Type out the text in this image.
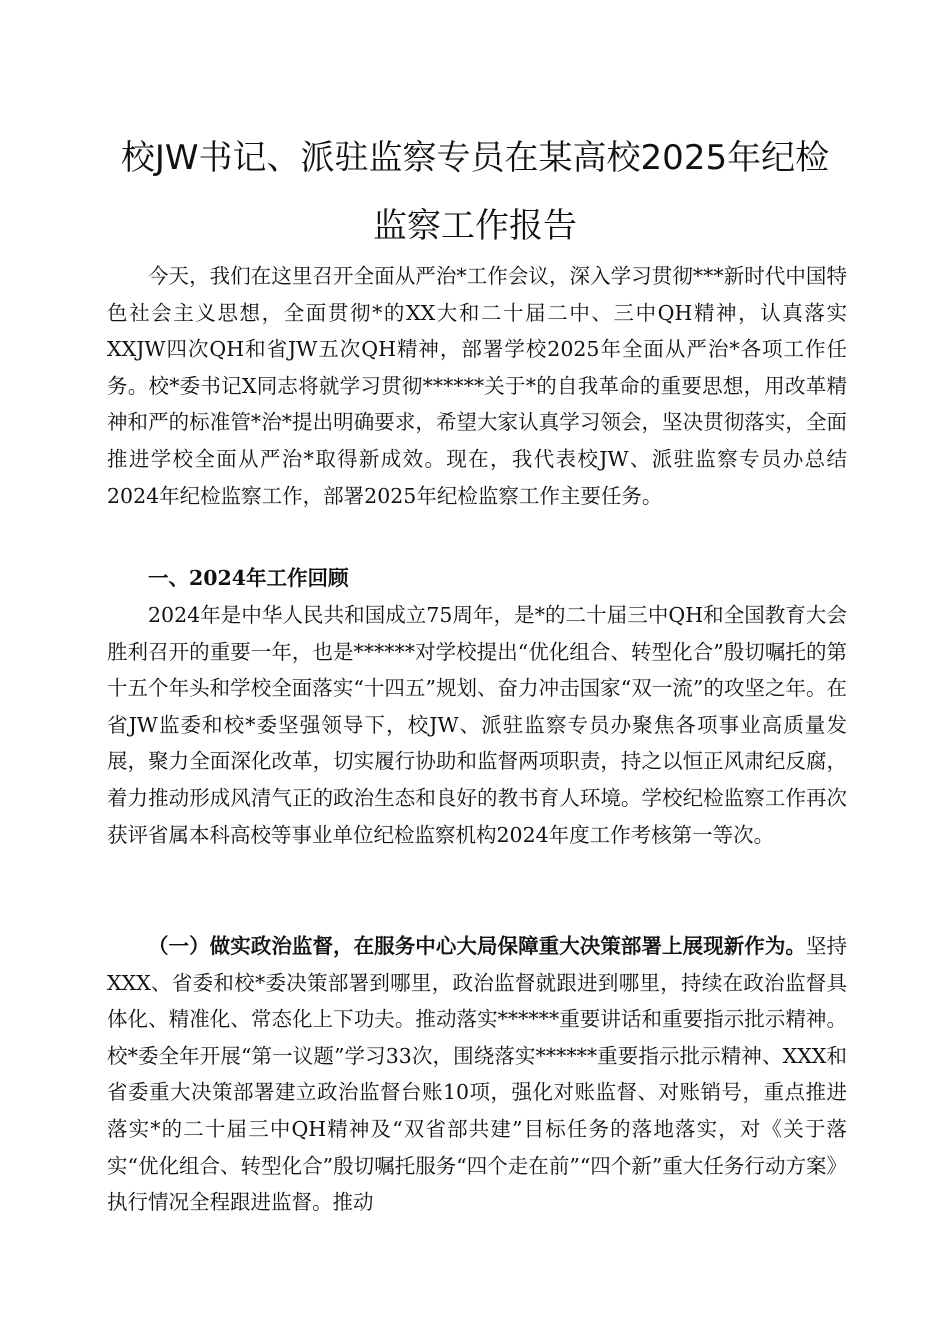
校JW书记、派驻监察专员在某高校2025年纪检
监察工作报告

今天，我们在这里召开全面从严治*工作会议，深入学习贯彻***新时代中国特色社会主义思想，全面贯彻*的XX大和二十届二中、三中QH精神，认真落实XXJW四次QH和省JW五次QH精神，部署学校2025年全面从严治*各项工作任务。校*委书记X同志将就学习贯彻******关于*的自我革命的重要思想，用改革精神和严的标准管*治*提出明确要求，希望大家认真学习领会，坚决贯彻落实，全面推进学校全面从严治*取得新成效。现在，我代表校JW、派驻监察专员办总结2024年纪检监察工作，部署2025年纪检监察工作主要任务。

一、2024年工作回顾

2024年是中华人民共和国成立75周年，是*的二十届三中QH和全国教育大会胜利召开的重要一年，也是******对学校提出“优化组合、转型化合”殷切嘱托的第十五个年头和学校全面落实“十四五”规划、奋力冲击国家“双一流”的攻坚之年。在省JW监委和校*委坚强领导下，校JW、派驻监察专员办聚焦各项事业高质量发展，聚力全面深化改革，切实履行协助和监督两项职责，持之以恒正风肃纪反腐，着力推动形成风清气正的政治生态和良好的教书育人环境。学校纪检监察工作再次获评省属本科高校等事业单位纪检监察机构2024年度工作考核第一等次。

（一）做实政治监督，在服务中心大局保障重大决策部署上展现新作为。坚持XXX、省委和校*委决策部署到哪里，政治监督就跟进到哪里，持续在政治监督具体化、精准化、常态化上下功夫。推动落实******重要讲话和重要指示批示精神。校*委全年开展“第一议题”学习33次，围绕落实******重要指示批示精神、XXX和省委重大决策部署建立政治监督台账10项，强化对账监督、对账销号，重点推进落实*的二十届三中QH精神及“双省部共建”目标任务的落地落实，对《关于落实“优化组合、转型化合”殷切嘱托服务“四个走在前”“四个新”重大任务行动方案》执行情况全程跟进监督。推动
